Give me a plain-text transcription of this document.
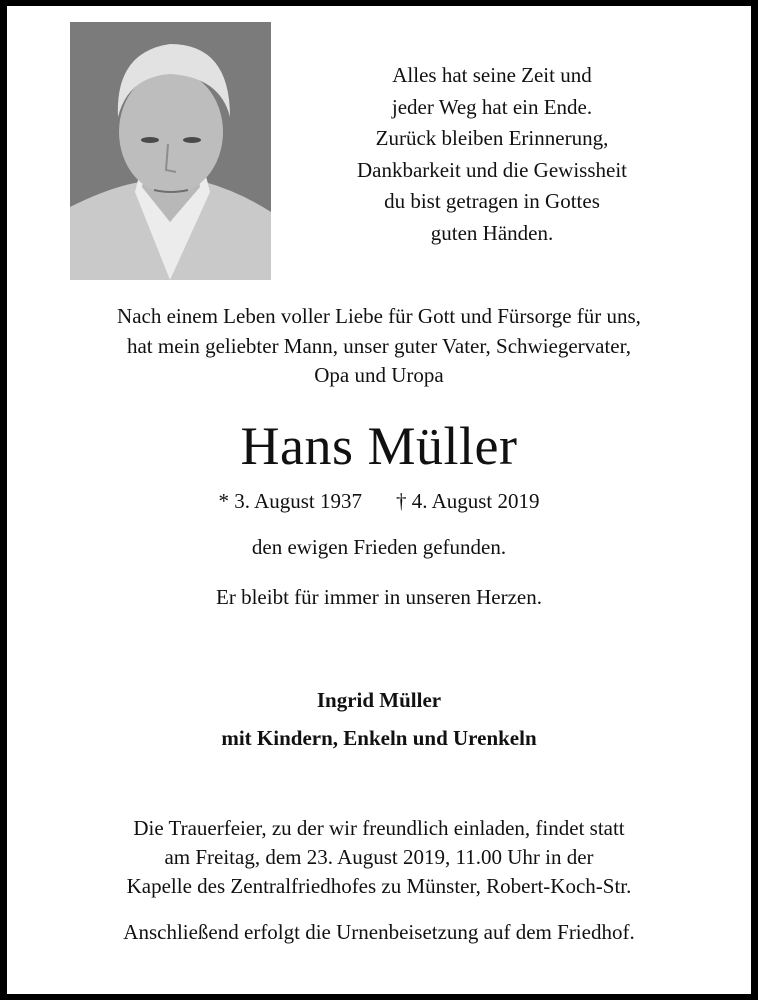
Alles hat seine Zeit und
jeder Weg hat ein Ende.
Zurück bleiben Erinnerung,
Dankbarkeit und die Gewissheit
du bist getragen in Gottes
guten Händen.
Nach einem Leben voller Liebe für Gott und Fürsorge für uns,
hat mein geliebter Mann, unser guter Vater, Schwiegervater,
Opa und Uropa
Hans Müller
* 3. August 1937 † 4. August 2019
den ewigen Frieden gefunden.
Er bleibt für immer in unseren Herzen.
Ingrid Müller
mit Kindern, Enkeln und Urenkeln
Die Trauerfeier, zu der wir freundlich einladen, findet statt
am Freitag, dem 23. August 2019, 11.00 Uhr in der
Kapelle des Zentralfriedhofes zu Münster, Robert-Koch-Str.
Anschließend erfolgt die Urnenbeisetzung auf dem Friedhof.
